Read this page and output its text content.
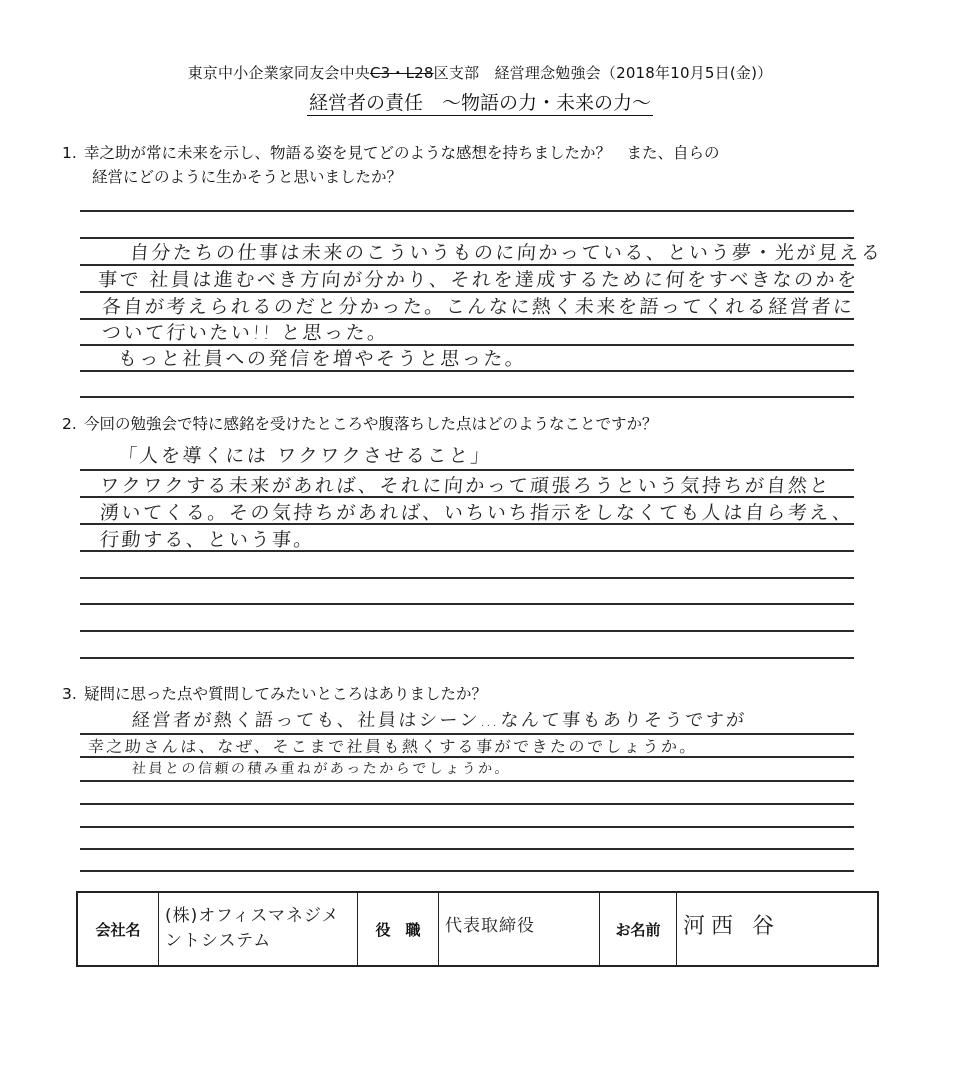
東京中小企業家同友会中央C3・L28区支部　経営理念勉強会（2018年10月5日(金)）
経営者の責任　～物語の力・未来の力～
1. 幸之助が常に未来を示し、物語る姿を見てどのような感想を持ちましたか？　また、自らの
経営にどのように生かそうと思いましたか？
自分たちの仕事は未来のこういうものに向かっている、という夢・光が見える
事で 社員は進むべき方向が分かり、それを達成するために何をすべきなのかを
各自が考えられるのだと分かった。こんなに熱く未来を語ってくれる経営者に
ついて行いたい!! と思った。
もっと社員への発信を増やそうと思った。
2. 今回の勉強会で特に感銘を受けたところや腹落ちした点はどのようなことですか？
「人を導くには ワクワクさせること」
ワクワクする未来があれば、それに向かって頑張ろうという気持ちが自然と
湧いてくる。その気持ちがあれば、いちいち指示をしなくても人は自ら考え、
行動する、という事。
3. 疑問に思った点や質問してみたいところはありましたか？
経営者が熱く語っても、社員はシーン…なんて事もありそうですが
幸之助さんは、なぜ、そこまで社員も熱くする事ができたのでしょうか。
社員との信頼の積み重ねがあったからでしょうか。
会社名	(株)オフィスマネジメントシステム	役　職	代表取締役	お名前	河西 谷
